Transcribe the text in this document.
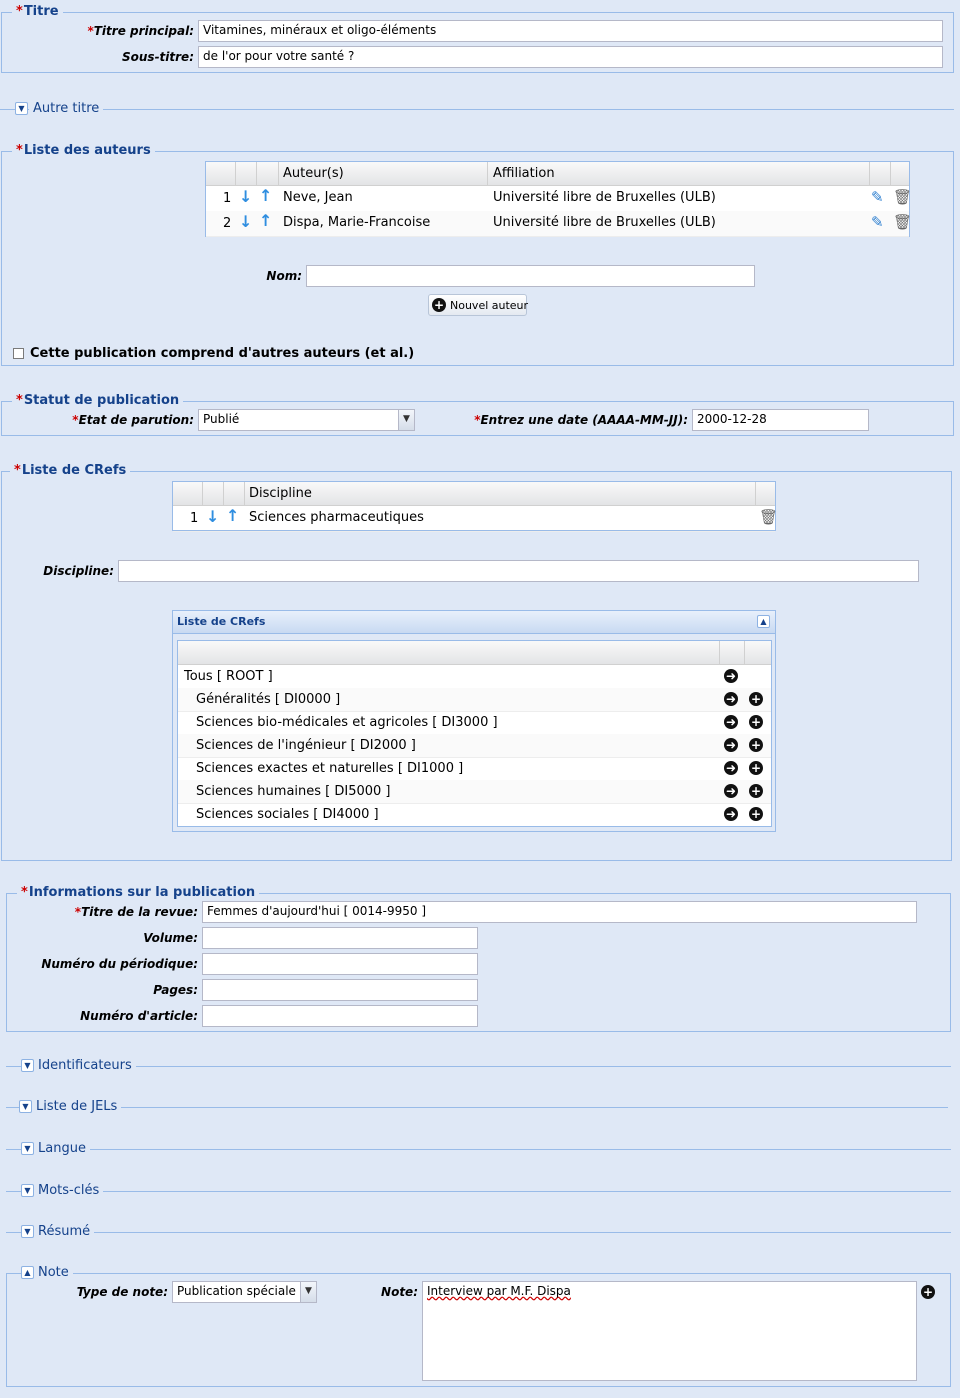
*Titre
*Titre principal: Vitamines, minéraux et oligo-éléments
Sous-titre: de l'or pour votre santé ?
▼ Autre titre
*Liste des auteurs
Auteur(s)	Affiliation
1 ↓ ↑ Neve, Jean	Université libre de Bruxelles (ULB)	✎ 🗑
2 ↓ ↑ Dispa, Marie-Francoise	Université libre de Bruxelles (ULB)	✎ 🗑
Nom:
+ Nouvel auteur
Cette publication comprend d'autres auteurs (et al.)
*Statut de publication
*Etat de parution: Publié	▼	*Entrez une date (AAAA-MM-JJ): 2000-12-28
*Liste de CRefs
Discipline
1 ↓ ↑ Sciences pharmaceutiques	🗑
Discipline:
Liste de CRefs	▲
Tous [ ROOT ]	➜
Généralités [ DI0000 ]	➜ +
Sciences bio-médicales et agricoles [ DI3000 ]	➜ +
Sciences de l'ingénieur [ DI2000 ]	➜ +
Sciences exactes et naturelles [ DI1000 ]	➜ +
Sciences humaines [ DI5000 ]	➜ +
Sciences sociales [ DI4000 ]	➜ +
*Informations sur la publication
*Titre de la revue: Femmes d'aujourd'hui [ 0014-9950 ]
Volume:
Numéro du périodique:
Pages:
Numéro d'article:
▼ Identificateurs
▼ Liste de JELs
▼ Langue
▼ Mots-clés
▼ Résumé
▲ Note
Type de note: Publication spéciale	▼	Note: Interview par M.F. Dispa	+
